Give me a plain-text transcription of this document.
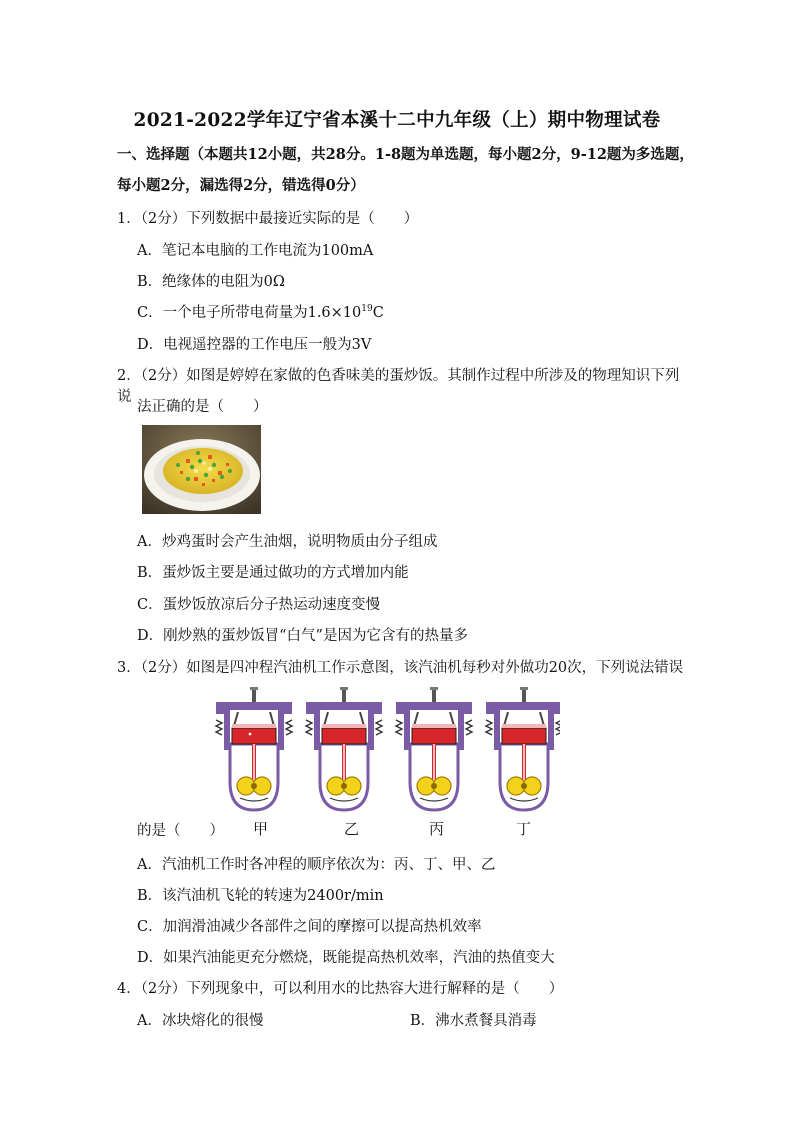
2021-2022学年辽宁省本溪十二中九年级（上）期中物理试卷
一、选择题（本题共12小题，共28分。1-8题为单选题，每小题2分，9-12题为多选题，
每小题2分，漏选得2分，错选得0分）
1．（2分）下列数据中最接近实际的是（　　）
A．笔记本电脑的工作电流为100mA
B．绝缘体的电阻为0Ω
C．一个电子所带电荷量为$1.6\times 10^{19}C$
D．电视遥控器的工作电压一般为3V
2．（2分）如图是婷婷在家做的色香味美的蛋炒饭。其制作过程中所涉及的物理知识下列说
法正确的是（　　）
A．炒鸡蛋时会产生油烟，说明物质由分子组成
B．蛋炒饭主要是通过做功的方式增加内能
C．蛋炒饭放凉后分子热运动速度变慢
D．刚炒熟的蛋炒饭冒“白气”是因为它含有的热量多
3．（2分）如图是四冲程汽油机工作示意图，该汽油机每秒对外做功20次，下列说法错误
的是（　　）	甲	乙	丙	丁
A．汽油机工作时各冲程的顺序依次为：丙、丁、甲、乙
B．该汽油机飞轮的转速为2400r/min
C．加润滑油减少各部件之间的摩擦可以提高热机效率
D．如果汽油能更充分燃烧，既能提高热机效率，汽油的热值变大
4．（2分）下列现象中，可以利用水的比热容大进行解释的是（　　）
A．冰块熔化的很慢	B．沸水煮餐具消毒
